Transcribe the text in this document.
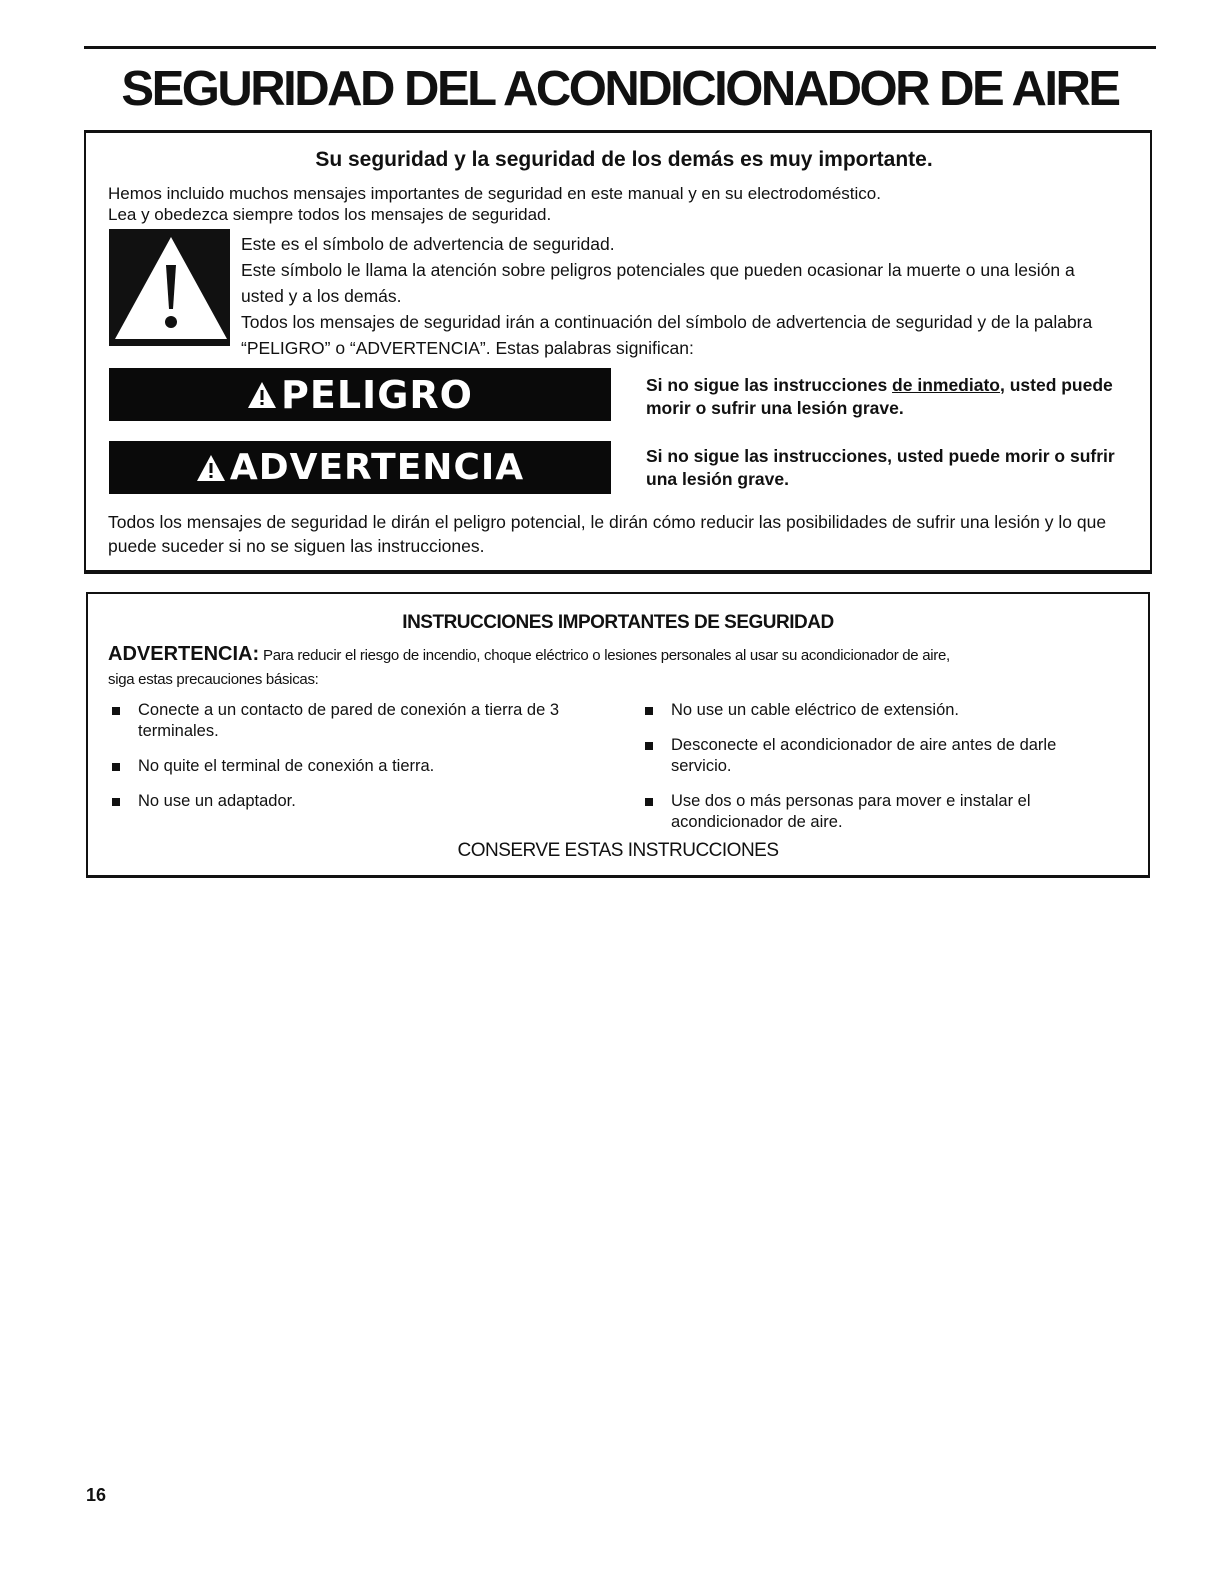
SEGURIDAD DEL ACONDICIONADOR DE AIRE
Su seguridad y la seguridad de los demás es muy importante.

Hemos incluido muchos mensajes importantes de seguridad en este manual y en su electrodoméstico.
Lea y obedezca siempre todos los mensajes de seguridad.

Este es el símbolo de advertencia de seguridad.
Este símbolo le llama la atención sobre peligros potenciales que pueden ocasionar la muerte o una lesión a usted y a los demás.
Todos los mensajes de seguridad irán a continuación del símbolo de advertencia de seguridad y de la palabra “PELIGRO” o “ADVERTENCIA”. Estas palabras significan:

PELIGRO	Si no sigue las instrucciones de inmediato, usted puede morir o sufrir una lesión grave.

ADVERTENCIA	Si no sigue las instrucciones, usted puede morir o sufrir una lesión grave.

Todos los mensajes de seguridad le dirán el peligro potencial, le dirán cómo reducir las posibilidades de sufrir una lesión y lo que puede suceder si no se siguen las instrucciones.

INSTRUCCIONES IMPORTANTES DE SEGURIDAD

ADVERTENCIA: Para reducir el riesgo de incendio, choque eléctrico o lesiones personales al usar su acondicionador de aire,

siga estas precauciones básicas:

Conecte a un contacto de pared de conexión a tierra de 3 terminales.
No quite el terminal de conexión a tierra.
No use un adaptador.
No use un cable eléctrico de extensión.
Desconecte el acondicionador de aire antes de darle servicio.
Use dos o más personas para mover e instalar el acondicionador de aire.

CONSERVE ESTAS INSTRUCCIONES

16
